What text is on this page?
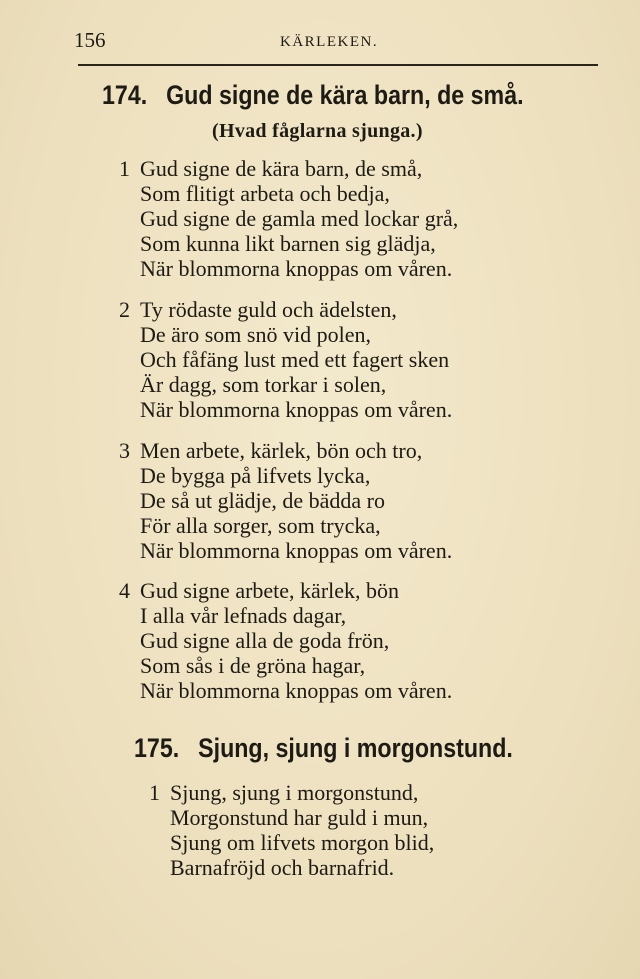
156	KÄRLEKEN.
174. Gud signe de kära barn, de små.
(Hvad fåglarna sjunga.)
1 Gud signe de kära barn, de små,
Som flitigt arbeta och bedja,
Gud signe de gamla med lockar grå,
Som kunna likt barnen sig glädja,
När blommorna knoppas om våren.
2 Ty rödaste guld och ädelsten,
De äro som snö vid polen,
Och fåfäng lust med ett fagert sken
Är dagg, som torkar i solen,
När blommorna knoppas om våren.
3 Men arbete, kärlek, bön och tro,
De bygga på lifvets lycka,
De så ut glädje, de bädda ro
För alla sorger, som trycka,
När blommorna knoppas om våren.
4 Gud signe arbete, kärlek, bön
I alla vår lefnads dagar,
Gud signe alla de goda frön,
Som sås i de gröna hagar,
När blommorna knoppas om våren.
175. Sjung, sjung i morgonstund.
1 Sjung, sjung i morgonstund,
Morgonstund har guld i mun,
Sjung om lifvets morgon blid,
Barnafröjd och barnafrid.
